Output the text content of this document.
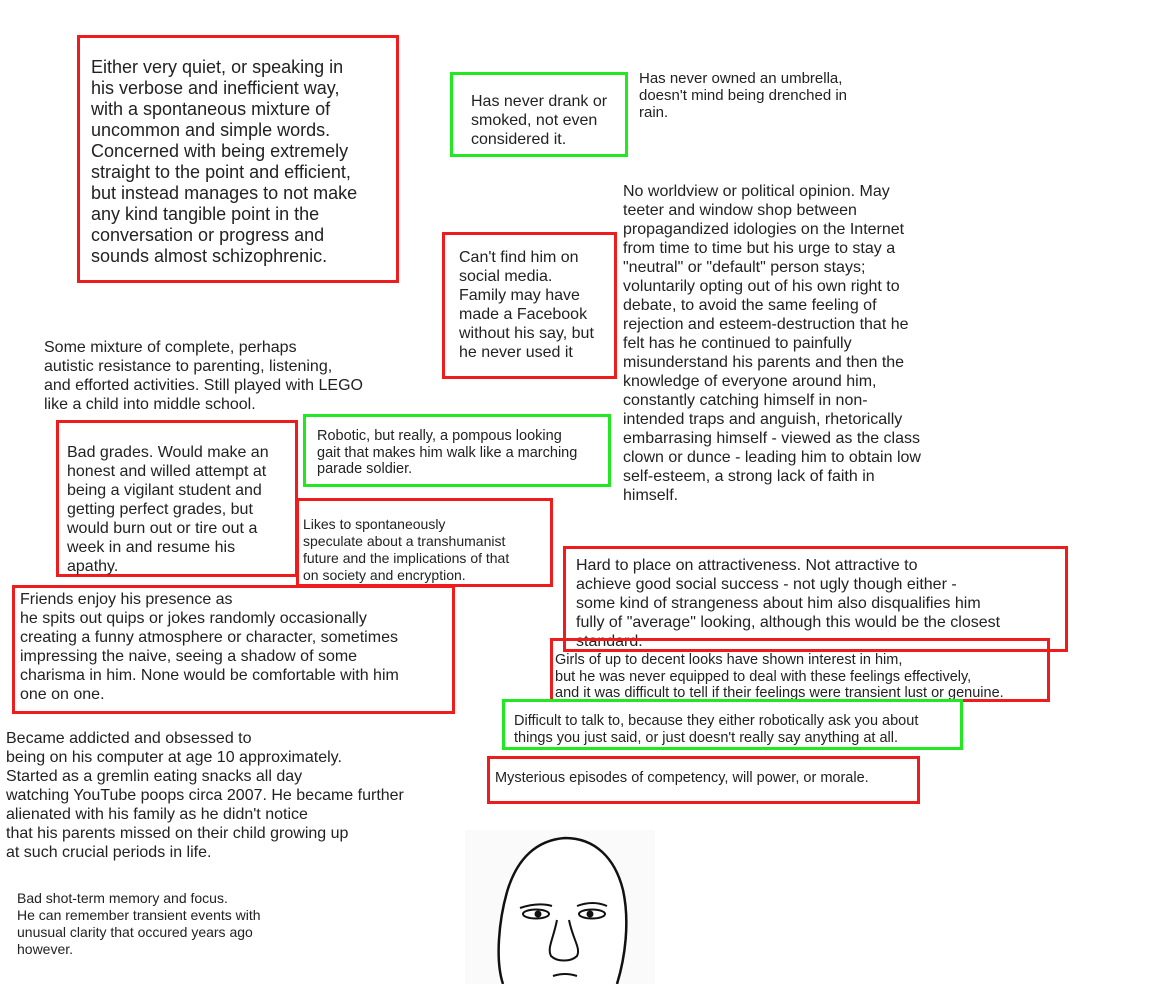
Either very quiet, or speaking in
his verbose and inefficient way,
with a spontaneous mixture of
uncommon and simple words.
Concerned with being extremely
straight to the point and efficient,
but instead manages to not make
any kind tangible point in the
conversation or progress and
sounds almost schizophrenic.
Has never drank or
smoked, not even
considered it.
Has never owned an umbrella,
doesn't mind being drenched in
rain.
No worldview or political opinion. May
teeter and window shop between
propagandized idologies on the Internet
from time to time but his urge to stay a
"neutral" or "default" person stays;
voluntarily opting out of his own right to
debate, to avoid the same feeling of
rejection and esteem-destruction that he
felt has he continued to painfully
misunderstand his parents and then the
knowledge of everyone around him,
constantly catching himself in non-
intended traps and anguish, rhetorically
embarrasing himself - viewed as the class
clown or dunce - leading him to obtain low
self-esteem, a strong lack of faith in
himself.
Can't find him on
social media.
Family may have
made a Facebook
without his say, but
he never used it
Some mixture of complete, perhaps
autistic resistance to parenting, listening,
and efforted activities. Still played with LEGO
like a child into middle school.
Robotic, but really, a pompous looking
gait that makes him walk like a marching
parade soldier.
Bad grades. Would make an
honest and willed attempt at
being a vigilant student and
getting perfect grades, but
would burn out or tire out a
week in and resume his
apathy.
Likes to spontaneously
speculate about a transhumanist
future and the implications of that
on society and encryption.
Hard to place on attractiveness. Not attractive to
achieve good social success - not ugly though either -
some kind of strangeness about him also disqualifies him
fully of "average" looking, although this would be the closest
standard.
Friends enjoy his presence as
he spits out quips or jokes randomly occasionally
creating a funny atmosphere or character, sometimes
impressing the naive, seeing a shadow of some
charisma in him. None would be comfortable with him
one on one.
Girls of up to decent looks have shown interest in him,
but he was never equipped to deal with these feelings effectively,
and it was difficult to tell if their feelings were transient lust or genuine.
Difficult to talk to, because they either robotically ask you about
things you just said, or just doesn't really say anything at all.
Became addicted and obsessed to
being on his computer at age 10 approximately.
Started as a gremlin eating snacks all day
watching YouTube poops circa 2007. He became further
alienated with his family as he didn't notice
that his parents missed on their child growing up
at such crucial periods in life.
Mysterious episodes of competency, will power, or morale.
Bad shot-term memory and focus.
He can remember transient events with
unusual clarity that occured years ago
however.
